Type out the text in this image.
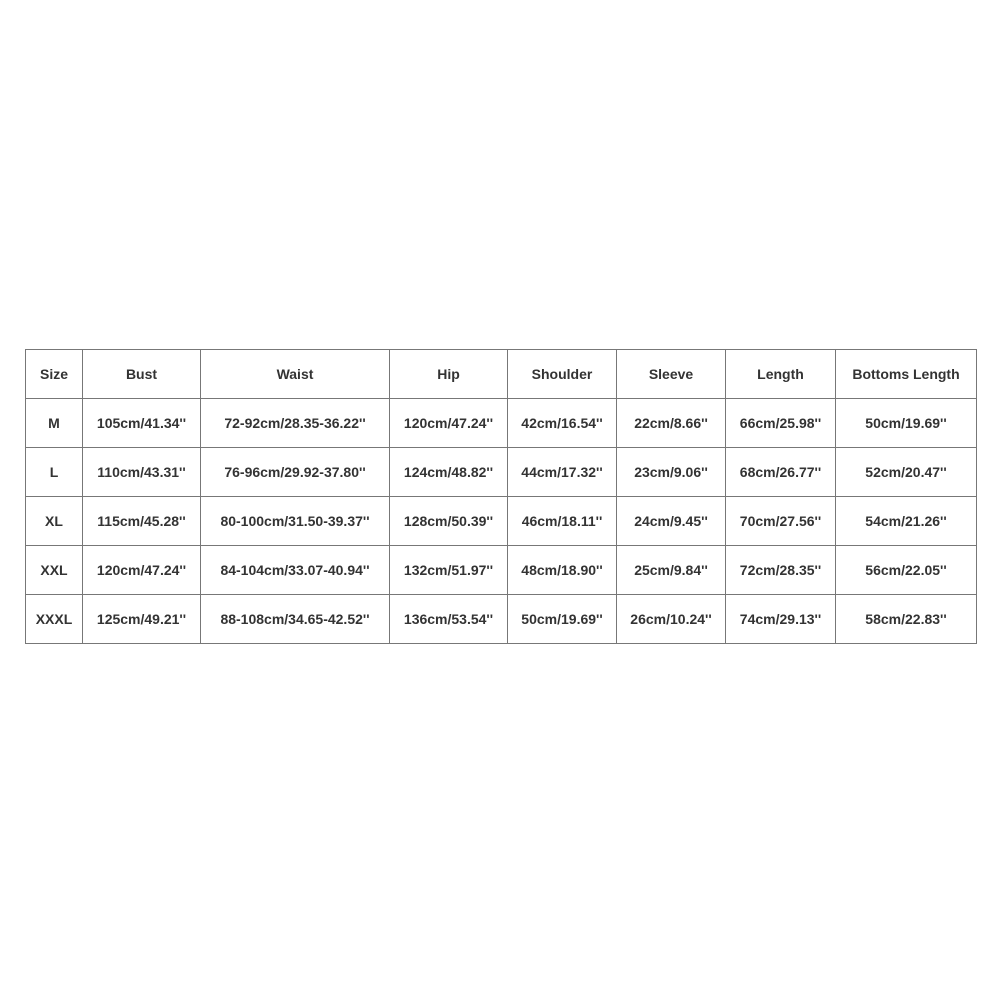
Size	Bust	Waist	Hip	Shoulder	Sleeve	Length	Bottoms Length
M	105cm/41.34''	72-92cm/28.35-36.22''	120cm/47.24''	42cm/16.54''	22cm/8.66''	66cm/25.98''	50cm/19.69''
L	110cm/43.31''	76-96cm/29.92-37.80''	124cm/48.82''	44cm/17.32''	23cm/9.06''	68cm/26.77''	52cm/20.47''
XL	115cm/45.28''	80-100cm/31.50-39.37''	128cm/50.39''	46cm/18.11''	24cm/9.45''	70cm/27.56''	54cm/21.26''
XXL	120cm/47.24''	84-104cm/33.07-40.94''	132cm/51.97''	48cm/18.90''	25cm/9.84''	72cm/28.35''	56cm/22.05''
XXXL	125cm/49.21''	88-108cm/34.65-42.52''	136cm/53.54''	50cm/19.69''	26cm/10.24''	74cm/29.13''	58cm/22.83''
